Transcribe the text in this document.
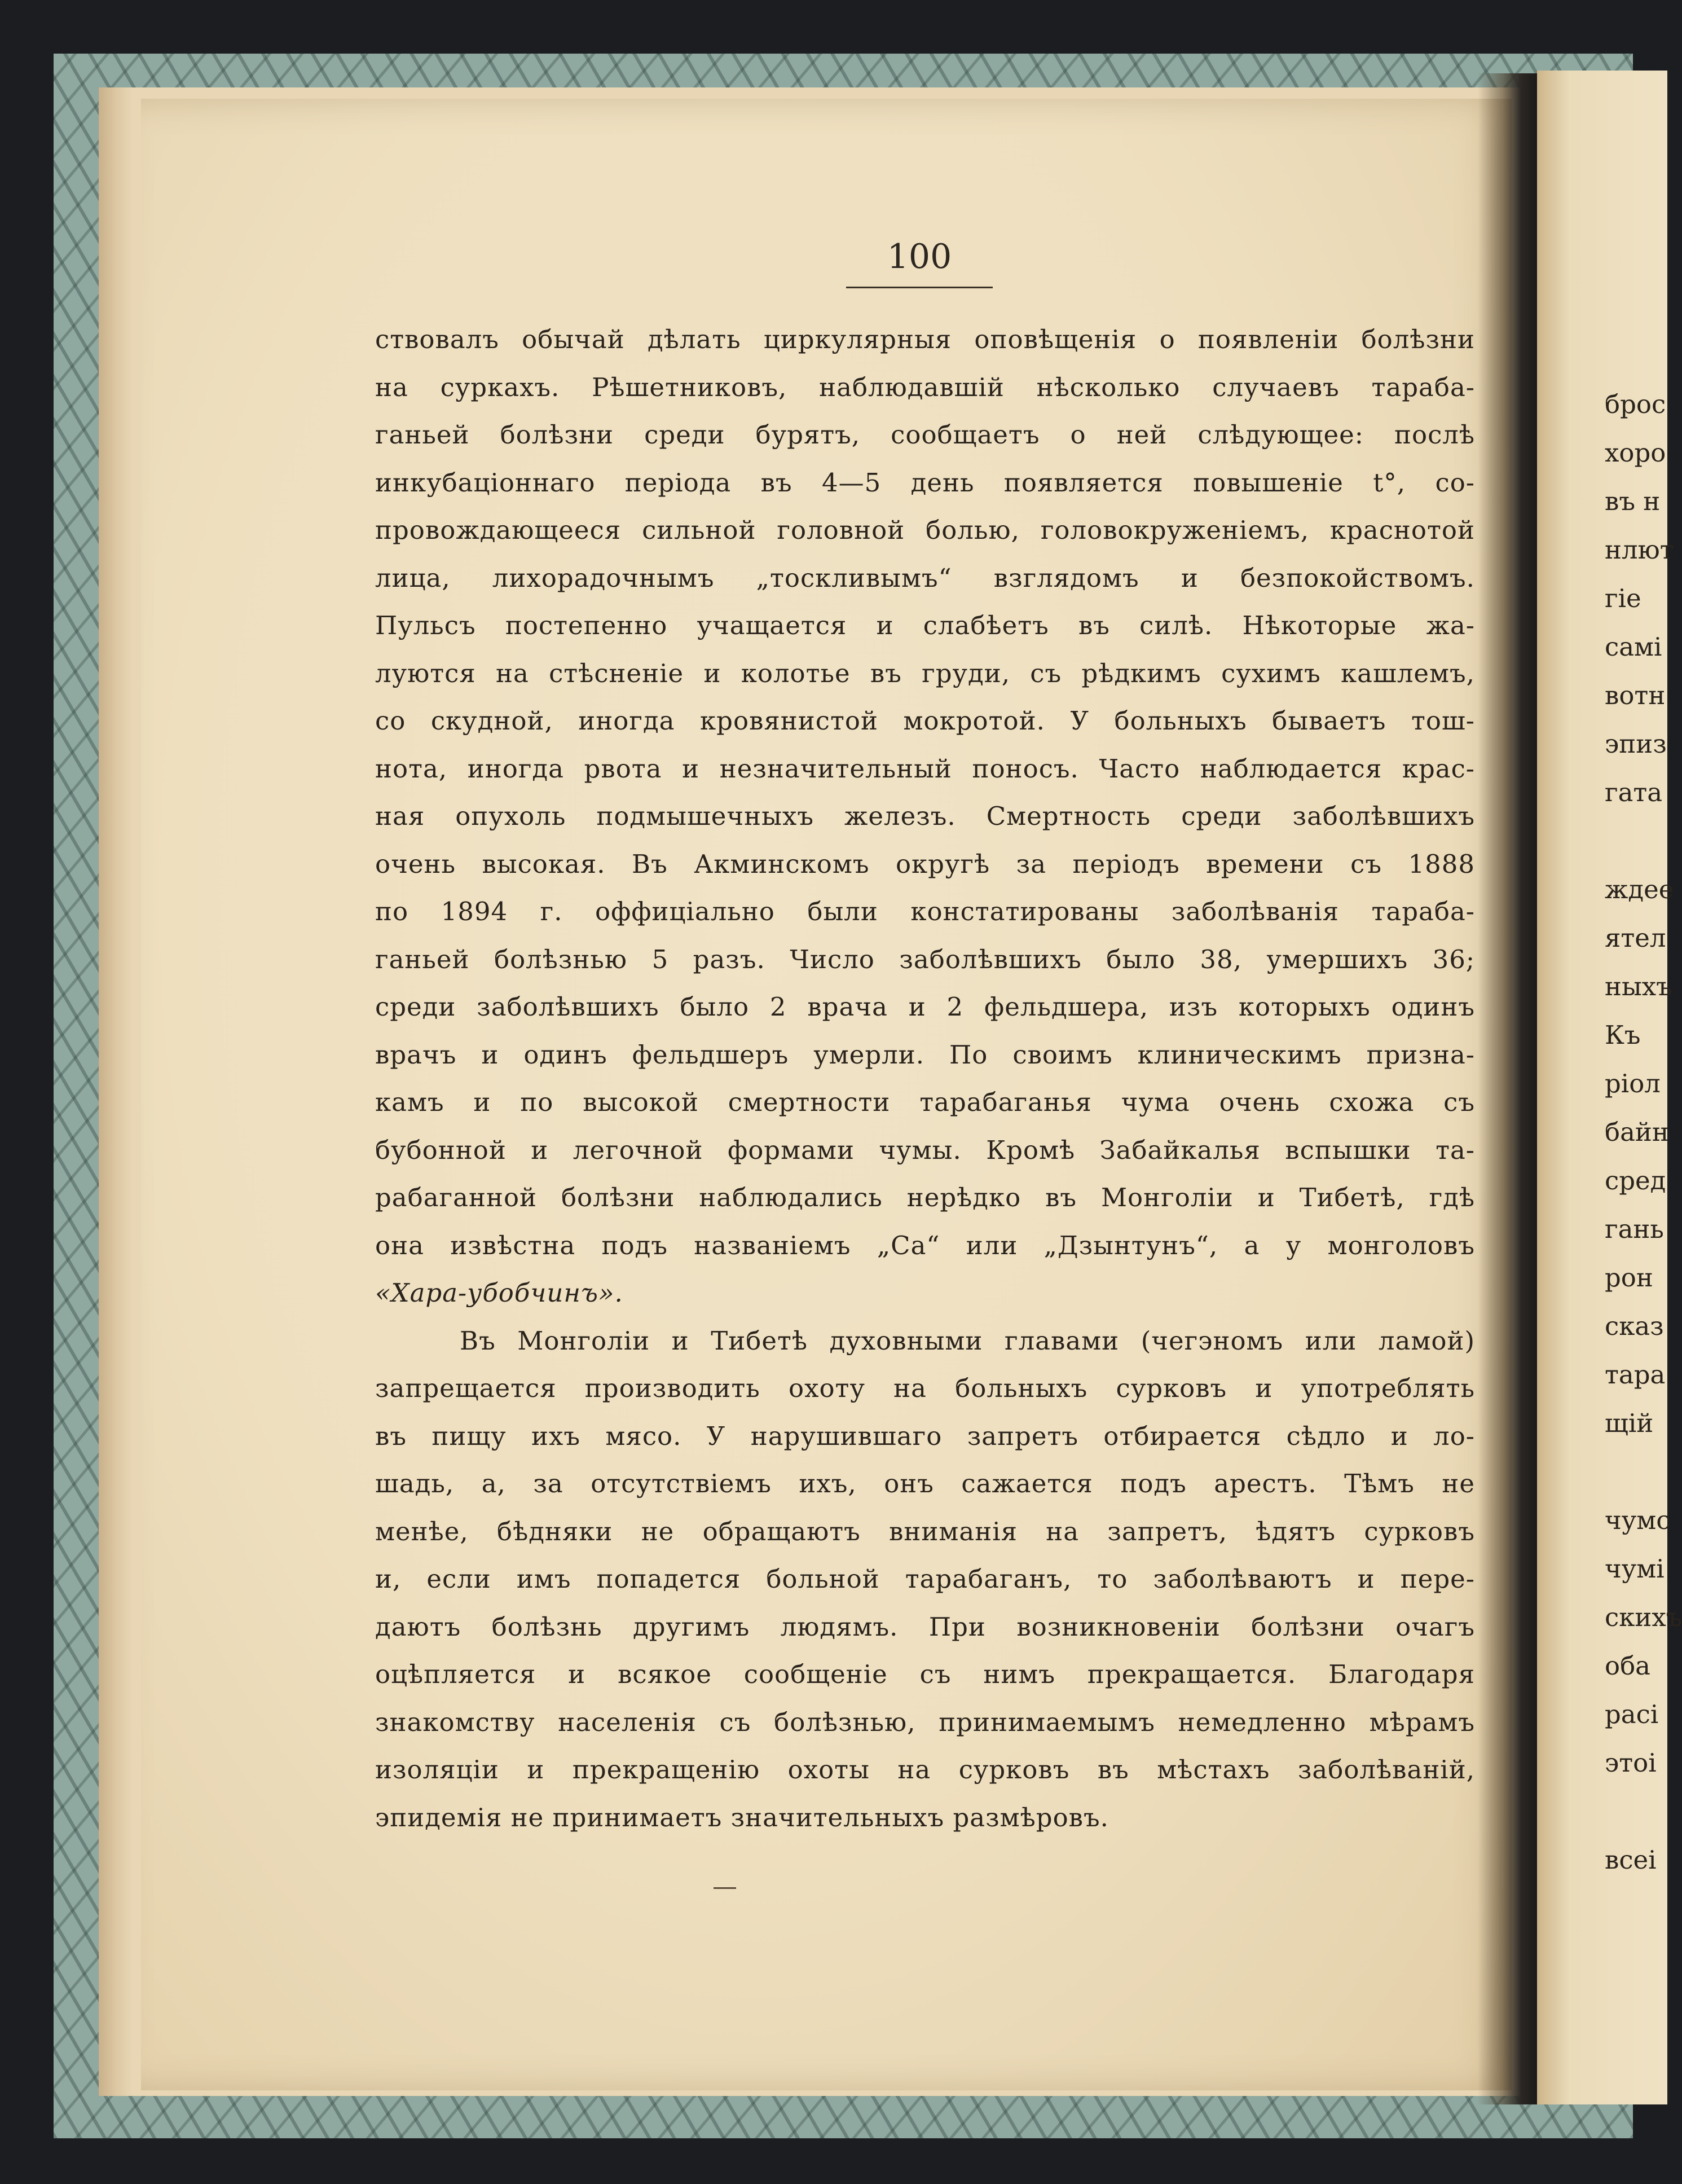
100
ствовалъ обычай дѣлать циркулярныя оповѣщенія о появленіи болѣзни
на суркахъ. Рѣшетниковъ, наблюдавшій нѣсколько случаевъ тараба-
ганьей болѣзни среди бурятъ, сообщаетъ о ней слѣдующее: послѣ
инкубаціоннаго періода въ 4—5 день появляется повышеніе t°, со-
провождающееся сильной головной болью, головокруженіемъ, краснотой
лица, лихорадочнымъ „тоскливымъ“ взглядомъ и безпокойствомъ.
Пульсъ постепенно учащается и слабѣетъ въ силѣ. Нѣкоторые жа-
луются на стѣсненіе и колотье въ груди, съ рѣдкимъ сухимъ кашлемъ,
со скудной, иногда кровянистой мокротой. У больныхъ бываетъ тош-
нота, иногда рвота и незначительный поносъ. Часто наблюдается крас-
ная опухоль подмышечныхъ железъ. Смертность среди заболѣвшихъ
очень высокая. Въ Акминскомъ округѣ за періодъ времени съ 1888
по 1894 г. оффиціально были констатированы заболѣванія тараба-
ганьей болѣзнью 5 разъ. Число заболѣвшихъ было 38, умершихъ 36;
среди заболѣвшихъ было 2 врача и 2 фельдшера, изъ которыхъ одинъ
врачъ и одинъ фельдшеръ умерли. По своимъ клиническимъ призна-
камъ и по высокой смертности тарабаганья чума очень схожа съ
бубонной и легочной формами чумы. Кромѣ Забайкалья вспышки та-
рабаганной болѣзни наблюдались нерѣдко въ Монголіи и Тибетѣ, гдѣ
она извѣстна подъ названіемъ „Са“ или „Дзынтунъ“, а у монголовъ
«Хара-убобчинъ».
Въ Монголіи и Тибетѣ духовными главами (чегэномъ или ламой)
запрещается производить охоту на больныхъ сурковъ и употреблять
въ пищу ихъ мясо. У нарушившаго запретъ отбирается сѣдло и ло-
шадь, а, за отсутствіемъ ихъ, онъ сажается подъ арестъ. Тѣмъ не
менѣе, бѣдняки не обращаютъ вниманія на запретъ, ѣдятъ сурковъ
и, если имъ попадется больной тарабаганъ, то заболѣваютъ и пере-
даютъ болѣзнь другимъ людямъ. При возникновеніи болѣзни очагъ
оцѣпляется и всякое сообщеніе съ нимъ прекращается. Благодаря
знакомству населенія съ болѣзнью, принимаемымъ немедленно мѣрамъ
изоляціи и прекращенію охоты на сурковъ въ мѣстахъ заболѣваній,
эпидемія не принимаетъ значительныхъ размѣровъ.
брос
хоро
въ н
нлют
гіе
самі
вотн
эпиз
гата
ждее
ятел
ныхъ
Къ
ріол
байн
сред
гань
рон
сказ
тара
щій
чумс
чумі
скихъ
оба
расі
этоі
всеі
